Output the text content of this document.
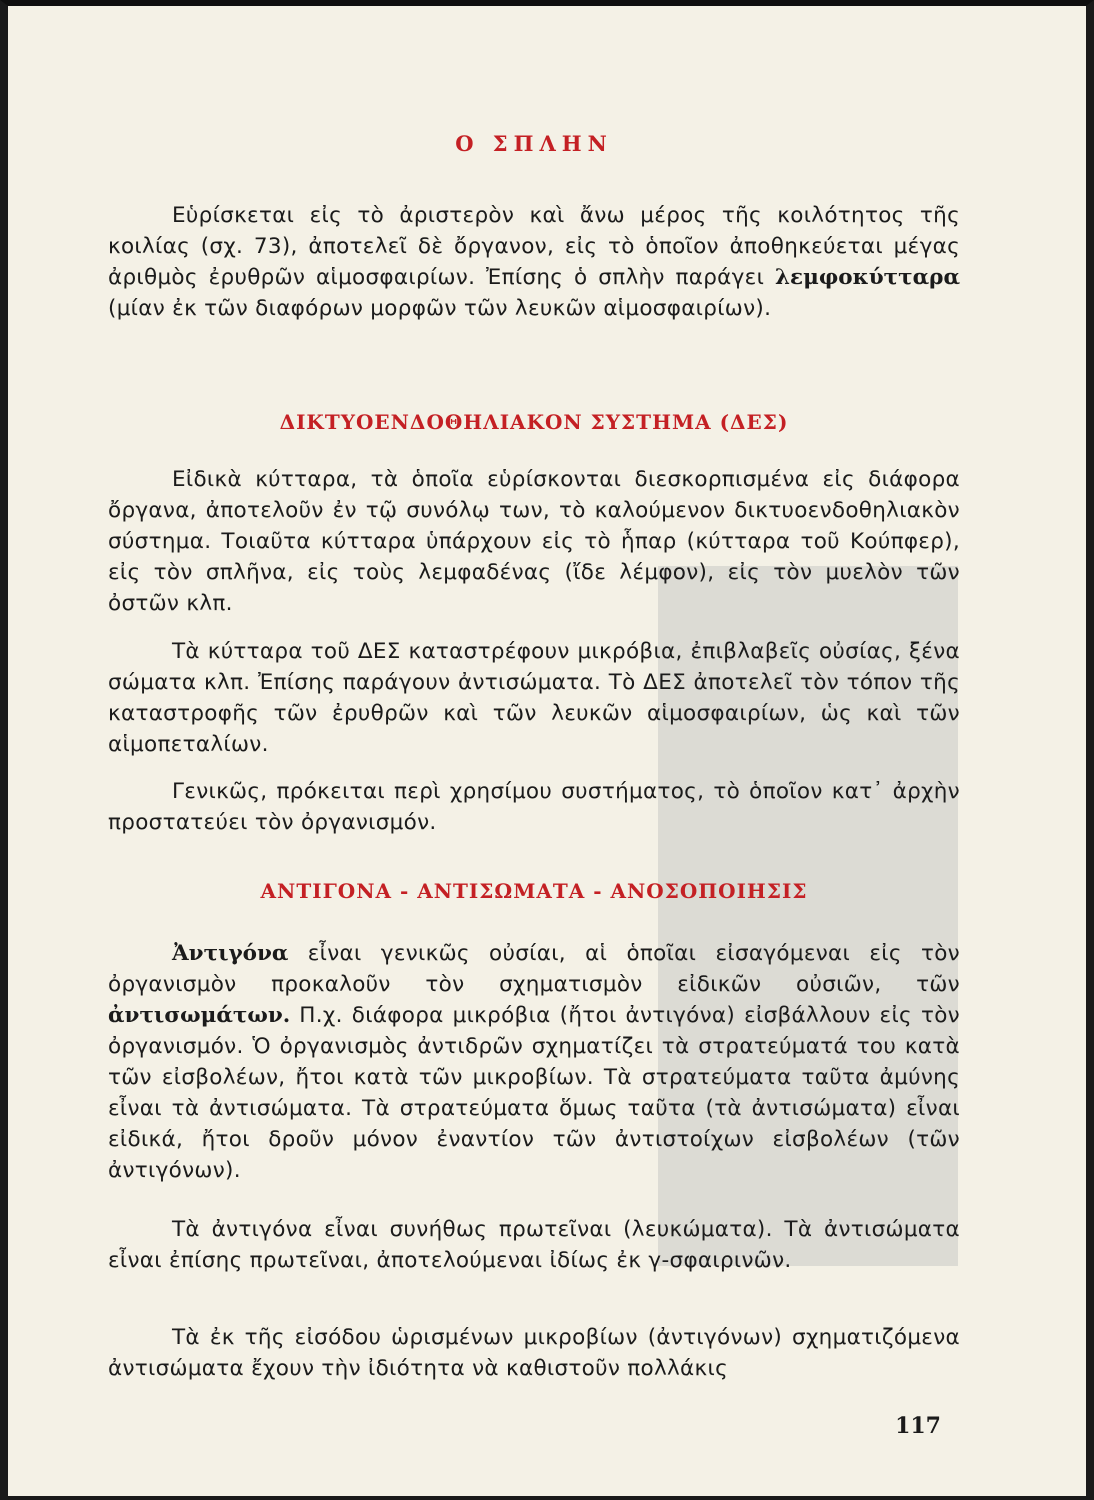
Ο ΣΠΛΗΝ

Εὑρίσκεται εἰς τὸ ἀριστερὸν καὶ ἄνω μέρος τῆς κοιλότητος τῆς κοιλίας (σχ. 73), ἀποτελεῖ δὲ ὄργανον, εἰς τὸ ὁποῖον ἀποθηκεύεται μέγας ἀριθμὸς ἐρυθρῶν αἱμοσφαιρίων. Ἐπίσης ὁ σπλὴν παράγει λεμφοκύτταρα (μίαν ἐκ τῶν διαφόρων μορφῶν τῶν λευκῶν αἱμοσφαιρίων).

ΔΙΚΤΥΟΕΝΔΟΘΗΛΙΑΚΟΝ ΣΥΣΤΗΜΑ (ΔΕΣ)

Εἰδικὰ κύτταρα, τὰ ὁποῖα εὑρίσκονται διεσκορπισμένα εἰς διάφορα ὄργανα, ἀποτελοῦν ἐν τῷ συνόλῳ των, τὸ καλούμενον δικτυοενδοθηλιακὸν σύστημα. Τοιαῦτα κύτταρα ὑπάρχουν εἰς τὸ ἧπαρ (κύτταρα τοῦ Κούπφερ), εἰς τὸν σπλῆνα, εἰς τοὺς λεμφαδένας (ἴδε λέμφον), εἰς τὸν μυελὸν τῶν ὀστῶν κλπ.

Τὰ κύτταρα τοῦ ΔΕΣ καταστρέφουν μικρόβια, ἐπιβλαβεῖς οὐσίας, ξένα σώματα κλπ. Ἐπίσης παράγουν ἀντισώματα. Τὸ ΔΕΣ ἀποτελεῖ τὸν τόπον τῆς καταστροφῆς τῶν ἐρυθρῶν καὶ τῶν λευκῶν αἱμοσφαιρίων, ὡς καὶ τῶν αἱμοπεταλίων.

Γενικῶς, πρόκειται περὶ χρησίμου συστήματος, τὸ ὁποῖον κατ᾽ ἀρχὴν προστατεύει τὸν ὀργανισμόν.

ΑΝΤΙΓΟΝΑ - ΑΝΤΙΣΩΜΑΤΑ - ΑΝΟΣΟΠΟΙΗΣΙΣ

Ἀντιγόνα εἶναι γενικῶς οὐσίαι, αἱ ὁποῖαι εἰσαγόμεναι εἰς τὸν ὀργανισμὸν προκαλοῦν τὸν σχηματισμὸν εἰδικῶν οὐσιῶν, τῶν ἀντισωμάτων. Π.χ. διάφορα μικρόβια (ἤτοι ἀντιγόνα) εἰσβάλλουν εἰς τὸν ὀργανισμόν. Ὁ ὀργανισμὸς ἀντιδρῶν σχηματίζει τὰ στρατεύματά του κατὰ τῶν εἰσβολέων, ἤτοι κατὰ τῶν μικροβίων. Τὰ στρατεύματα ταῦτα ἀμύνης εἶναι τὰ ἀντισώματα. Τὰ στρατεύματα ὅμως ταῦτα (τὰ ἀντισώματα) εἶναι εἰδικά, ἤτοι δροῦν μόνον ἐναντίον τῶν ἀντιστοίχων εἰσβολέων (τῶν ἀντιγόνων).

Τὰ ἀντιγόνα εἶναι συνήθως πρωτεῖναι (λευκώματα). Τὰ ἀντισώματα εἶναι ἐπίσης πρωτεῖναι, ἀποτελούμεναι ἰδίως ἐκ γ-σφαιρινῶν.

Τὰ ἐκ τῆς εἰσόδου ὡρισμένων μικροβίων (ἀντιγόνων) σχηματιζόμενα ἀντισώματα ἔχουν τὴν ἰδιότητα νὰ καθιστοῦν πολλάκις

117
